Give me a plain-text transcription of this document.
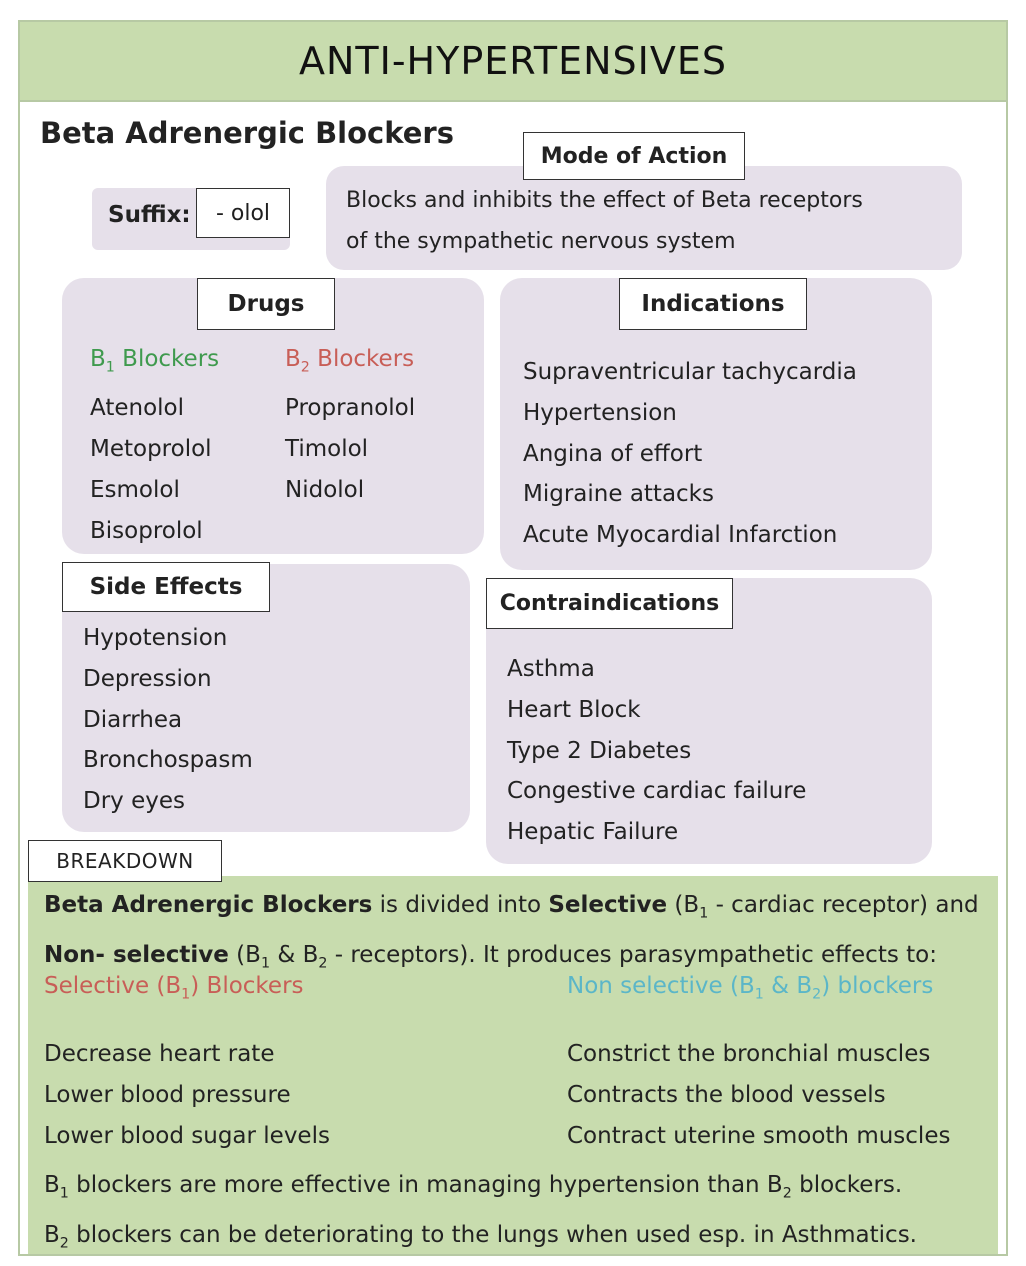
ANTI-HYPERTENSIVES
Beta Adrenergic Blockers
Suffix:	- olol
Mode of Action
Blocks and inhibits the effect of Beta receptors
of the sympathetic nervous system
Drugs
$B_1$ Blockers
Atenolol
Metoprolol
Esmolol
Bisoprolol
$B_2$ Blockers
Propranolol
Timolol
Nidolol
Indications
Supraventricular tachycardia
Hypertension
Angina of effort
Migraine attacks
Acute Myocardial Infarction
Side Effects
Hypotension
Depression
Diarrhea
Bronchospasm
Dry eyes
Contraindications
Asthma
Heart Block
Type 2 Diabetes
Congestive cardiac failure
Hepatic Failure
BREAKDOWN
Beta Adrenergic Blockers is divided into Selective ($B_1$ - cardiac receptor) and
Non- selective ($B_1$ & $B_2$ - receptors). It produces parasympathetic effects to:
Selective $(B_1)$ Blockers
Decrease heart rate
Lower blood pressure
Lower blood sugar levels
Non selective ($B_1$ & $B_2$) blockers
Constrict the bronchial muscles
Contracts the blood vessels
Contract uterine smooth muscles
$B_1$ blockers are more effective in managing hypertension than $B_2$ blockers.
$B_2$ blockers can be deteriorating to the lungs when used esp. in Asthmatics.
